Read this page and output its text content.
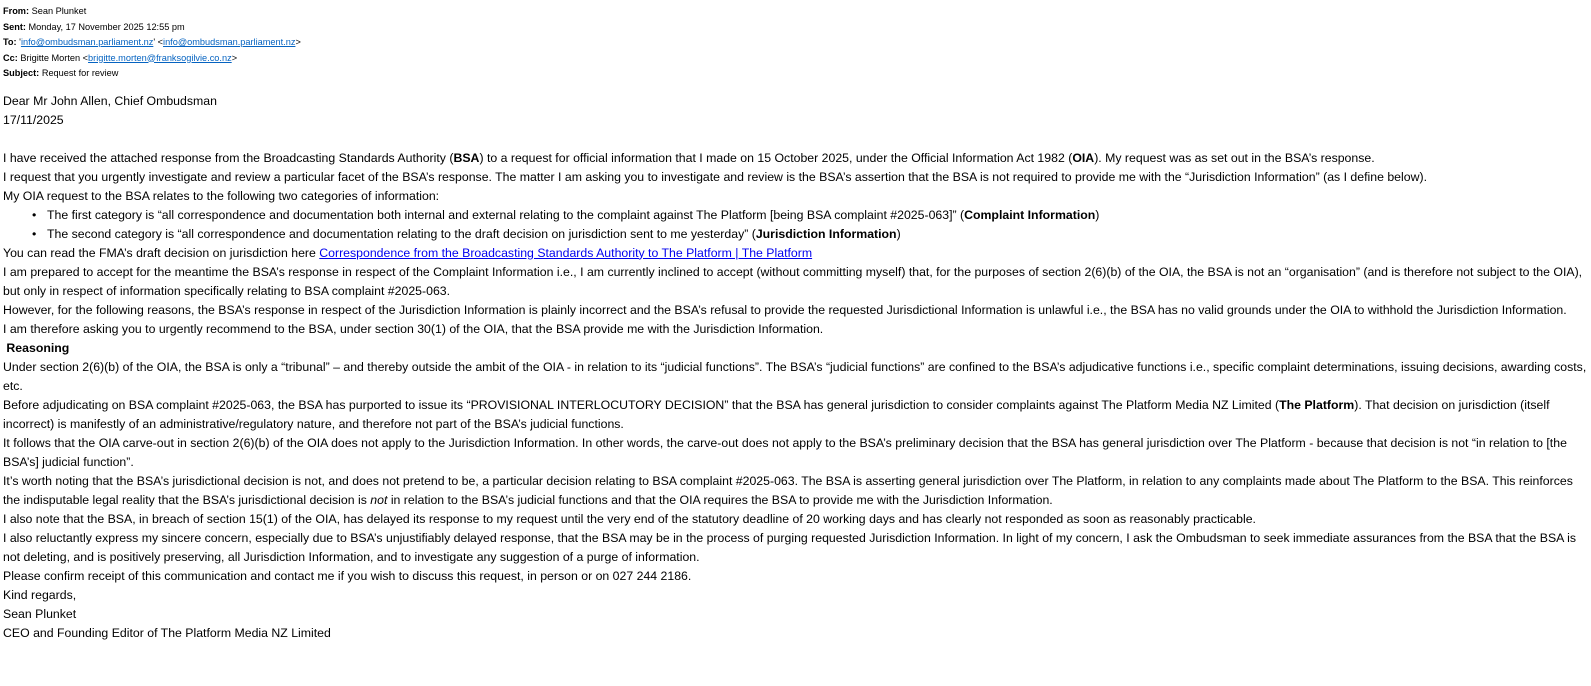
From: Sean Plunket
Sent: Monday, 17 November 2025 12:55 pm
To: 'info@ombudsman.parliament.nz' <info@ombudsman.parliament.nz>
Cc: Brigitte Morten <brigitte.morten@franksogilvie.co.nz>
Subject: Request for review

Dear Mr John Allen, Chief Ombudsman

17/11/2025

I have received the attached response from the Broadcasting Standards Authority (BSA) to a request for official information that I made on 15 October 2025, under the Official Information Act 1982 (OIA). My request was as set out in the BSA’s response.

I request that you urgently investigate and review a particular facet of the BSA’s response. The matter I am asking you to investigate and review is the BSA’s assertion that the BSA is not required to provide me with the “Jurisdiction Information” (as I define below).

My OIA request to the BSA relates to the following two categories of information:

• The first category is “all correspondence and documentation both internal and external relating to the complaint against The Platform [being BSA complaint #2025-063]” (Complaint Information)
• The second category is “all correspondence and documentation relating to the draft decision on jurisdiction sent to me yesterday” (Jurisdiction Information)

You can read the FMA’s draft decision on jurisdiction here Correspondence from the Broadcasting Standards Authority to The Platform | The Platform

I am prepared to accept for the meantime the BSA’s response in respect of the Complaint Information i.e., I am currently inclined to accept (without committing myself) that, for the purposes of section 2(6)(b) of the OIA, the BSA is not an “organisation” (and is therefore not subject to the OIA), but only in respect of information specifically relating to BSA complaint #2025-063.

However, for the following reasons, the BSA’s response in respect of the Jurisdiction Information is plainly incorrect and the BSA’s refusal to provide the requested Jurisdictional Information is unlawful i.e., the BSA has no valid grounds under the OIA to withhold the Jurisdiction Information.

I am therefore asking you to urgently recommend to the BSA, under section 30(1) of the OIA, that the BSA provide me with the Jurisdiction Information.

Reasoning

Under section 2(6)(b) of the OIA, the BSA is only a “tribunal” – and thereby outside the ambit of the OIA - in relation to its “judicial functions”. The BSA’s “judicial functions” are confined to the BSA’s adjudicative functions i.e., specific complaint determinations, issuing decisions, awarding costs, etc.

Before adjudicating on BSA complaint #2025-063, the BSA has purported to issue its “PROVISIONAL INTERLOCUTORY DECISION” that the BSA has general jurisdiction to consider complaints against The Platform Media NZ Limited (The Platform). That decision on jurisdiction (itself incorrect) is manifestly of an administrative/regulatory nature, and therefore not part of the BSA’s judicial functions.

It follows that the OIA carve-out in section 2(6)(b) of the OIA does not apply to the Jurisdiction Information. In other words, the carve-out does not apply to the BSA’s preliminary decision that the BSA has general jurisdiction over The Platform - because that decision is not “in relation to [the BSA’s] judicial function”.

It’s worth noting that the BSA’s jurisdictional decision is not, and does not pretend to be, a particular decision relating to BSA complaint #2025-063. The BSA is asserting general jurisdiction over The Platform, in relation to any complaints made about The Platform to the BSA. This reinforces the indisputable legal reality that the BSA’s jurisdictional decision is not in relation to the BSA’s judicial functions and that the OIA requires the BSA to provide me with the Jurisdiction Information.

I also note that the BSA, in breach of section 15(1) of the OIA, has delayed its response to my request until the very end of the statutory deadline of 20 working days and has clearly not responded as soon as reasonably practicable.

I also reluctantly express my sincere concern, especially due to BSA’s unjustifiably delayed response, that the BSA may be in the process of purging requested Jurisdiction Information. In light of my concern, I ask the Ombudsman to seek immediate assurances from the BSA that the BSA is not deleting, and is positively preserving, all Jurisdiction Information, and to investigate any suggestion of a purge of information.

Please confirm receipt of this communication and contact me if you wish to discuss this request, in person or on 027 244 2186.

Kind regards,

Sean Plunket

CEO and Founding Editor of The Platform Media NZ Limited
